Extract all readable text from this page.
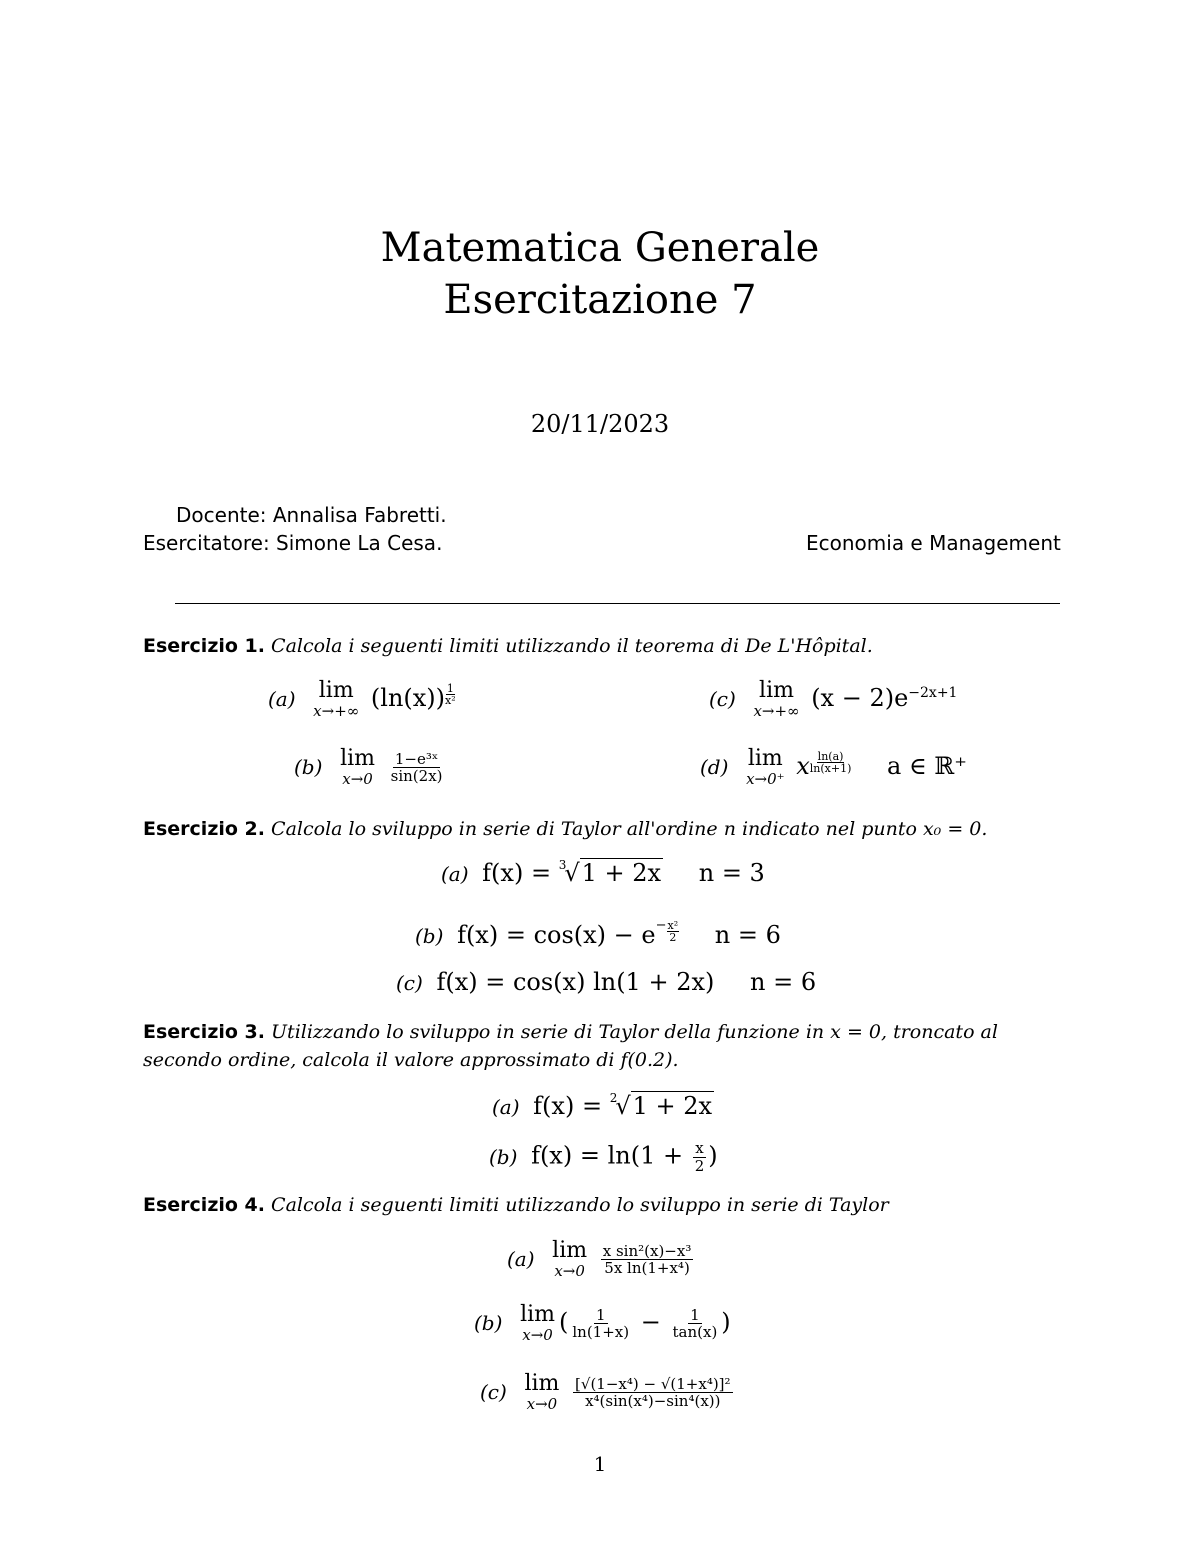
Matematica Generale
Esercitazione 7
20/11/2023
Docente: Annalisa Fabretti.
Esercitatore: Simone La Cesa.	Economia e Management
Esercizio 1. Calcola i seguenti limiti utilizzando il teorema di De L'Hôpital.
(a) lim
x→+∞ $(\ln(x)) \frac{1}{\text{x²}}$	(c) lim
x→+∞ $(x - 2)e^{-2x+1}$
(b) lim
x→0
$\frac{\text{1−e³ˣ}}{\sin(2x)}$	(d) lim
x→0⁺ x $\frac{\ln(a)}{\ln(x+1)}$ a ∈ ℝ⁺
Esercizio 2. Calcola lo sviluppo in serie di Taylor all'ordine n indicato nel punto x₀ = 0.
(a) f(x) = $^3$√1 + 2x n = 3
(b) $f(x) = \cos(x) - e^- \frac{\text{x²}}{2}$ n = 6
(c) f(x) = cos(x) ln(1 + 2x) n = 6
Esercizio 3. Utilizzando lo sviluppo in serie di Taylor della funzione in x = 0, troncato al
secondo ordine, calcola il valore approssimato di f(0.2).
(a) f(x) = $^2$√1 + 2x
(b) $f(x) = \ln(1 + \frac{x}{2}$ )
Esercizio 4. Calcola i seguenti limiti utilizzando lo sviluppo in serie di Taylor
(a) lim
x→0
$\frac{\text{x sin²(x)−x³}}{\text{5x ln(1+x⁴)}}$
(b) lim
x→0 ( $\frac{1}{\ln(1+x)} - \frac{1}{\tan(x)}$ )
(c) lim
x→0
$\frac{\text{[√(1−x⁴) − √(1+x⁴)]²}}{\text{x⁴(sin(x⁴)−sin⁴(x))}}$
1
